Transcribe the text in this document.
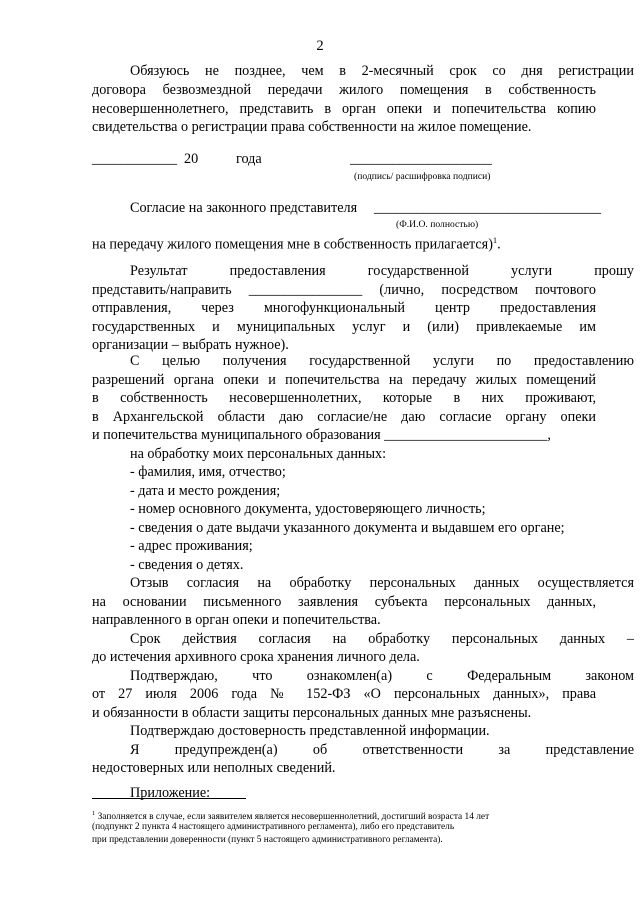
2

Обязуюсь не позднее, чем в 2-месячный срок со дня регистрации

договора безвозмездной передачи жилого помещения в собственность

несовершеннолетнего, представить в орган опеки и попечительства копию

свидетельства о регистрации права собственности на жилое помещение.

____________ 20	года	____________________
(подпись/ расшифровка подписи)
Согласие на законного представителя ________________________________
(Ф.И.О. полностью)

на передачу жилого помещения мне в собственность прилагается)$^1$.

Результат предоставления государственной услуги прошу

представить/направить ________________ (лично, посредством почтового

отправления, через многофункциональный центр предоставления

государственных и муниципальных услуг и (или) привлекаемые им

организации – выбрать нужное).

С целью получения государственной услуги по предоставлению

разрешений органа опеки и попечительства на передачу жилых помещений

в собственность несовершеннолетних, которые в них проживают,

в Архангельской области даю согласие/не даю согласие органу опеки

и попечительства муниципального образования _______________________,

на обработку моих персональных данных:

- фамилия, имя, отчество;

- дата и место рождения;

- номер основного документа, удостоверяющего личность;

- сведения о дате выдачи указанного документа и выдавшем его органе;

- адрес проживания;

- сведения о детях.

Отзыв согласия на обработку персональных данных осуществляется

на основании письменного заявления субъекта персональных данных,

направленного в орган опеки и попечительства.

Срок действия согласия на обработку персональных данных –

до истечения архивного срока хранения личного дела.

Подтверждаю, что ознакомлен(а) с Федеральным законом

от 27 июля 2006 года № 152-ФЗ «О персональных данных», права

и обязанности в области защиты персональных данных мне разъяснены.

Подтверждаю достоверность представленной информации.

Я предупрежден(а) об ответственности за представление

недостоверных или неполных сведений.

Приложение:

$^1$ Заполняется в случае, если заявителем является несовершеннолетний, достигший возраста 14 лет
(подпункт 2 пункта 4 настоящего административного регламента), либо его представитель
при представлении доверенности (пункт 5 настоящего административного регламента).
